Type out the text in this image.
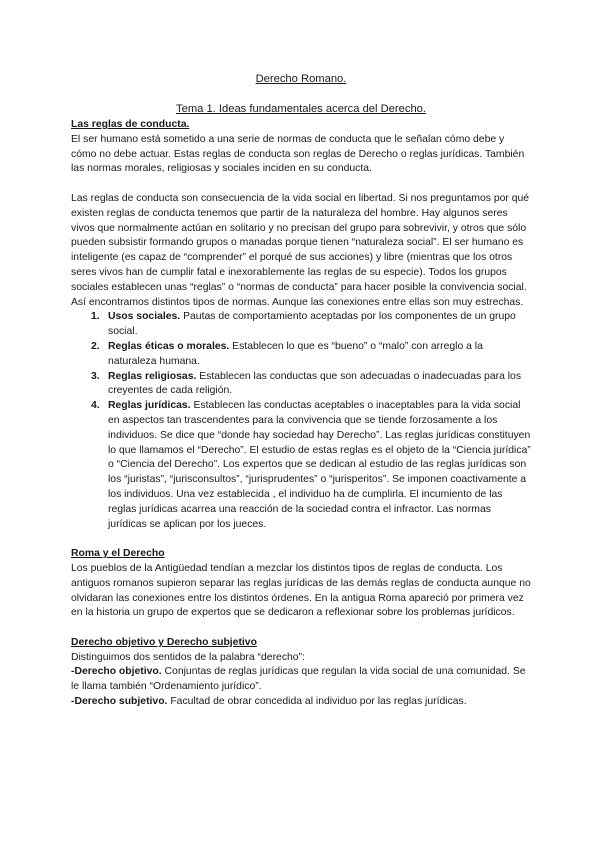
Derecho Romano.
Tema 1. Ideas fundamentales acerca del Derecho.
Las reglas de conducta.

El ser humano está sometido a una serie de normas de conducta que le señalan cómo debe y cómo no debe actuar. Estas reglas de conducta son reglas de Derecho o reglas jurídicas. También las normas morales, religiosas y sociales inciden en su conducta.

Las reglas de conducta son consecuencia de la vida social en libertad. Si nos preguntamos por qué existen reglas de conducta tenemos que partir de la naturaleza del hombre. Hay algunos seres vivos que normalmente actúan en solitario y no precisan del grupo para sobrevivir, y otros que sólo pueden subsistir formando grupos o manadas porque tienen “naturaleza social”. El ser humano es inteligente (es capaz de “comprender” el porqué de sus acciones) y libre (mientras que los otros seres vivos han de cumplir fatal e inexorablemente las reglas de su especie). Todos los grupos sociales establecen unas “reglas” o “normas de conducta” para hacer posible la convivencia social.

Así encontramos distintos tipos de normas. Aunque las conexiones entre ellas son muy estrechas.

1. Usos sociales. Pautas de comportamiento aceptadas por los componentes de un grupo social.
2. Reglas éticas o morales. Establecen lo que es “bueno” o “malo” con arreglo a la naturaleza humana.
3. Reglas religiosas. Establecen las conductas que son adecuadas o inadecuadas para los creyentes de cada religión.
4. Reglas jurídicas. Establecen las conductas aceptables o inaceptables para la vida social en aspectos tan trascendentes para la convivencia que se tiende forzosamente a los individuos. Se dice que “donde hay sociedad hay Derecho”. Las reglas jurídicas constituyen lo que llamamos el “Derecho”. El estudio de estas reglas es el objeto de la “Ciencia jurídica” o “Ciencia del Derecho”. Los expertos que se dedican al estudio de las reglas jurídicas son los “juristas”, “jurisconsultos”, “jurisprudentes” o “jurisperitos”. Se imponen coactivamente a los individuos. Una vez establecida , el individuo ha de cumplirla. El incumiento de las reglas jurídicas acarrea una reacción de la sociedad contra el infractor. Las normas jurídicas se aplican por los jueces.
Roma y el Derecho

Los pueblos de la Antigüedad tendían a mezclar los distintos tipos de reglas de conducta. Los antiguos romanos supieron separar las reglas jurídicas de las demás reglas de conducta aunque no olvidaran las conexiones entre los distintos órdenes. En la antigua Roma apareció por primera vez en la historia un grupo de expertos que se dedicaron a reflexionar sobre los problemas jurídicos.

Derecho objetivo y Derecho subjetivo

Distinguimos dos sentidos de la palabra “derecho”:

-Derecho objetivo. Conjuntas de reglas jurídicas que regulan la vida social de una comunidad. Se le llama también “Ordenamiento jurídico”.

-Derecho subjetivo. Facultad de obrar concedida al individuo por las reglas jurídicas.
